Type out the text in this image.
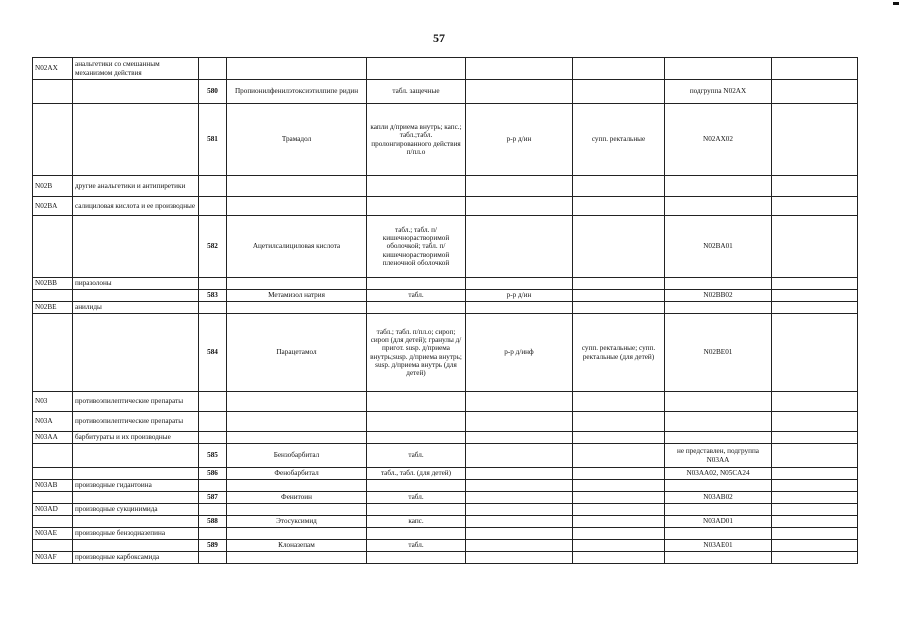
57
N02AX	анальгетики со смешанным механизмом действия							
		580	Пропионилфенилэтоксиэтилпипе ридин	табл. защечные			подгруппа N02AX	
		581	Трамадол	капли д/приема внутрь; капс.; табл.;табл. пролонгированного действия п/пл.о	р-р д/ин	супп. ректальные	N02AX02	
N02B	другие анальгетики и антипиретики							
N02BA	салициловая кислота и ее производные							
		582	Ацетилсалициловая кислота	табл.; табл. п/кишечнорастворимой оболочкой; табл. п/кишечнорастворимой пленочной оболочкой			N02BA01	
N02BB	пиразолоны							
		583	Метамизол натрия	табл.	р-р д/ин		N02BB02	
N02BE	анилиды							
		584	Парацетамол	табл.; табл. п/пл.о; сироп; сироп (для детей); гранулы д/пригот. susp. д/приема внутрь;susp. д/приема внутрь; susp. д/приема внутрь (для детей)	р-р д/инф	супп. ректальные; супп. ректальные (для детей)	N02BE01	
N03	противоэпилептические препараты							
N03A	противоэпилептические препараты							
N03AA	барбитураты и их производные							
		585	Бензобарбитал	табл.			не представлен, подгруппа N03AA	
		586	Фенобарбитал	табл., табл. (для детей)			N03AA02, N05CA24	
N03AB	производные гидантоина							
		587	Фенитоин	табл.			N03AB02	
N03AD	производные сукцинимида							
		588	Этосуксимид	капс.			N03AD01	
N03AE	производные бензодиазепина							
		589	Клоназепам	табл.			N03AE01	
N03AF	производные карбоксамида							
